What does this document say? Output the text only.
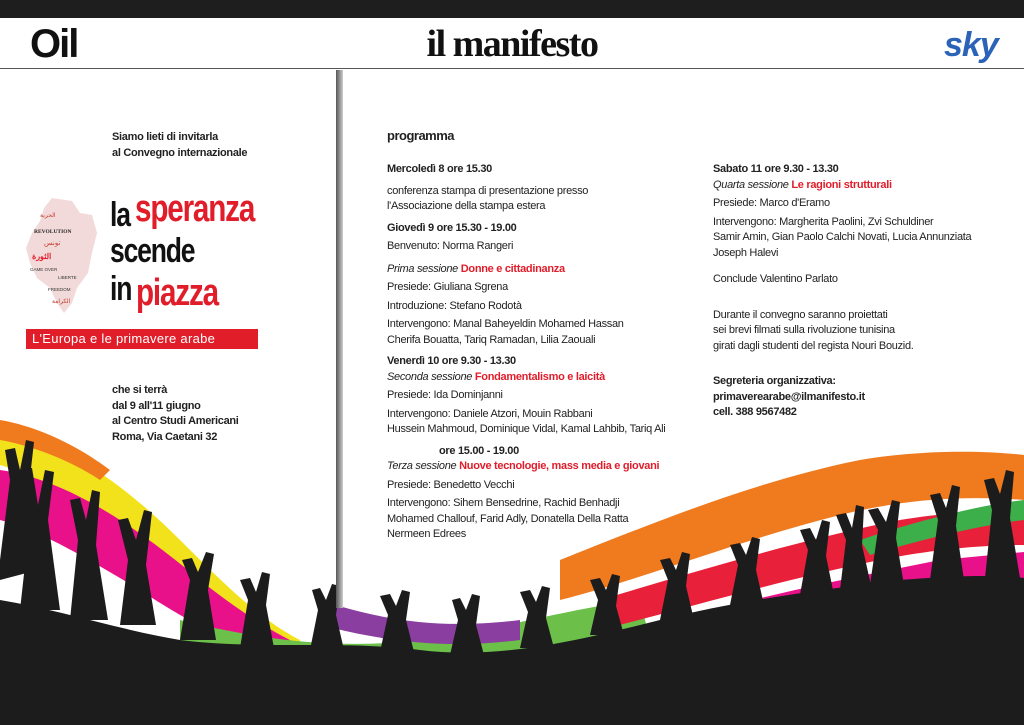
Oil	il manifesto	sky
Siamo lieti di invitarla
al Convegno internazionale
الحرية
REVOLUTION
تونس
الثورة
GAME OVER
LIBERTE
FREEDOM
الكرامة
la speranza
scende
in piazza
L'Europa e le primavere arabe
che si terrà
dal 9 all'11 giugno
al Centro Studi Americani
Roma, Via Caetani 32
programma
Mercoledì 8 ore 15.30
conferenza stampa di presentazione presso
l'Associazione della stampa estera
Giovedì 9 ore 15.30 - 19.00
Benvenuto: Norma Rangeri
Prima sessione Donne e cittadinanza
Presiede: Giuliana Sgrena
Introduzione: Stefano Rodotà
Intervengono: Manal Baheyeldin Mohamed Hassan
Cherifa Bouatta, Tariq Ramadan, Lilia Zaouali
Venerdì 10 ore 9.30 - 13.30
Seconda sessione Fondamentalismo e laicità
Presiede: Ida Dominjanni
Intervengono: Daniele Atzori, Mouin Rabbani
Hussein Mahmoud, Dominique Vidal, Kamal Lahbib, Tariq Ali
ore 15.00 - 19.00
Terza sessione Nuove tecnologie, mass media e giovani
Presiede: Benedetto Vecchi
Intervengono: Sihem Bensedrine, Rachid Benhadji
Mohamed Challouf, Farid Adly, Donatella Della Ratta
Nermeen Edrees
Sabato 11 ore 9.30 - 13.30
Quarta sessione Le ragioni strutturali
Presiede: Marco d'Eramo
Intervengono: Margherita Paolini, Zvi Schuldiner
Samir Amin, Gian Paolo Calchi Novati, Lucia Annunziata
Joseph Halevi
Conclude Valentino Parlato
Durante il convegno saranno proiettati
sei brevi filmati sulla rivoluzione tunisina
girati dagli studenti del regista Nouri Bouzid.
Segreteria organizzativa:
primaverearabe@ilmanifesto.it
cell. 388 9567482
